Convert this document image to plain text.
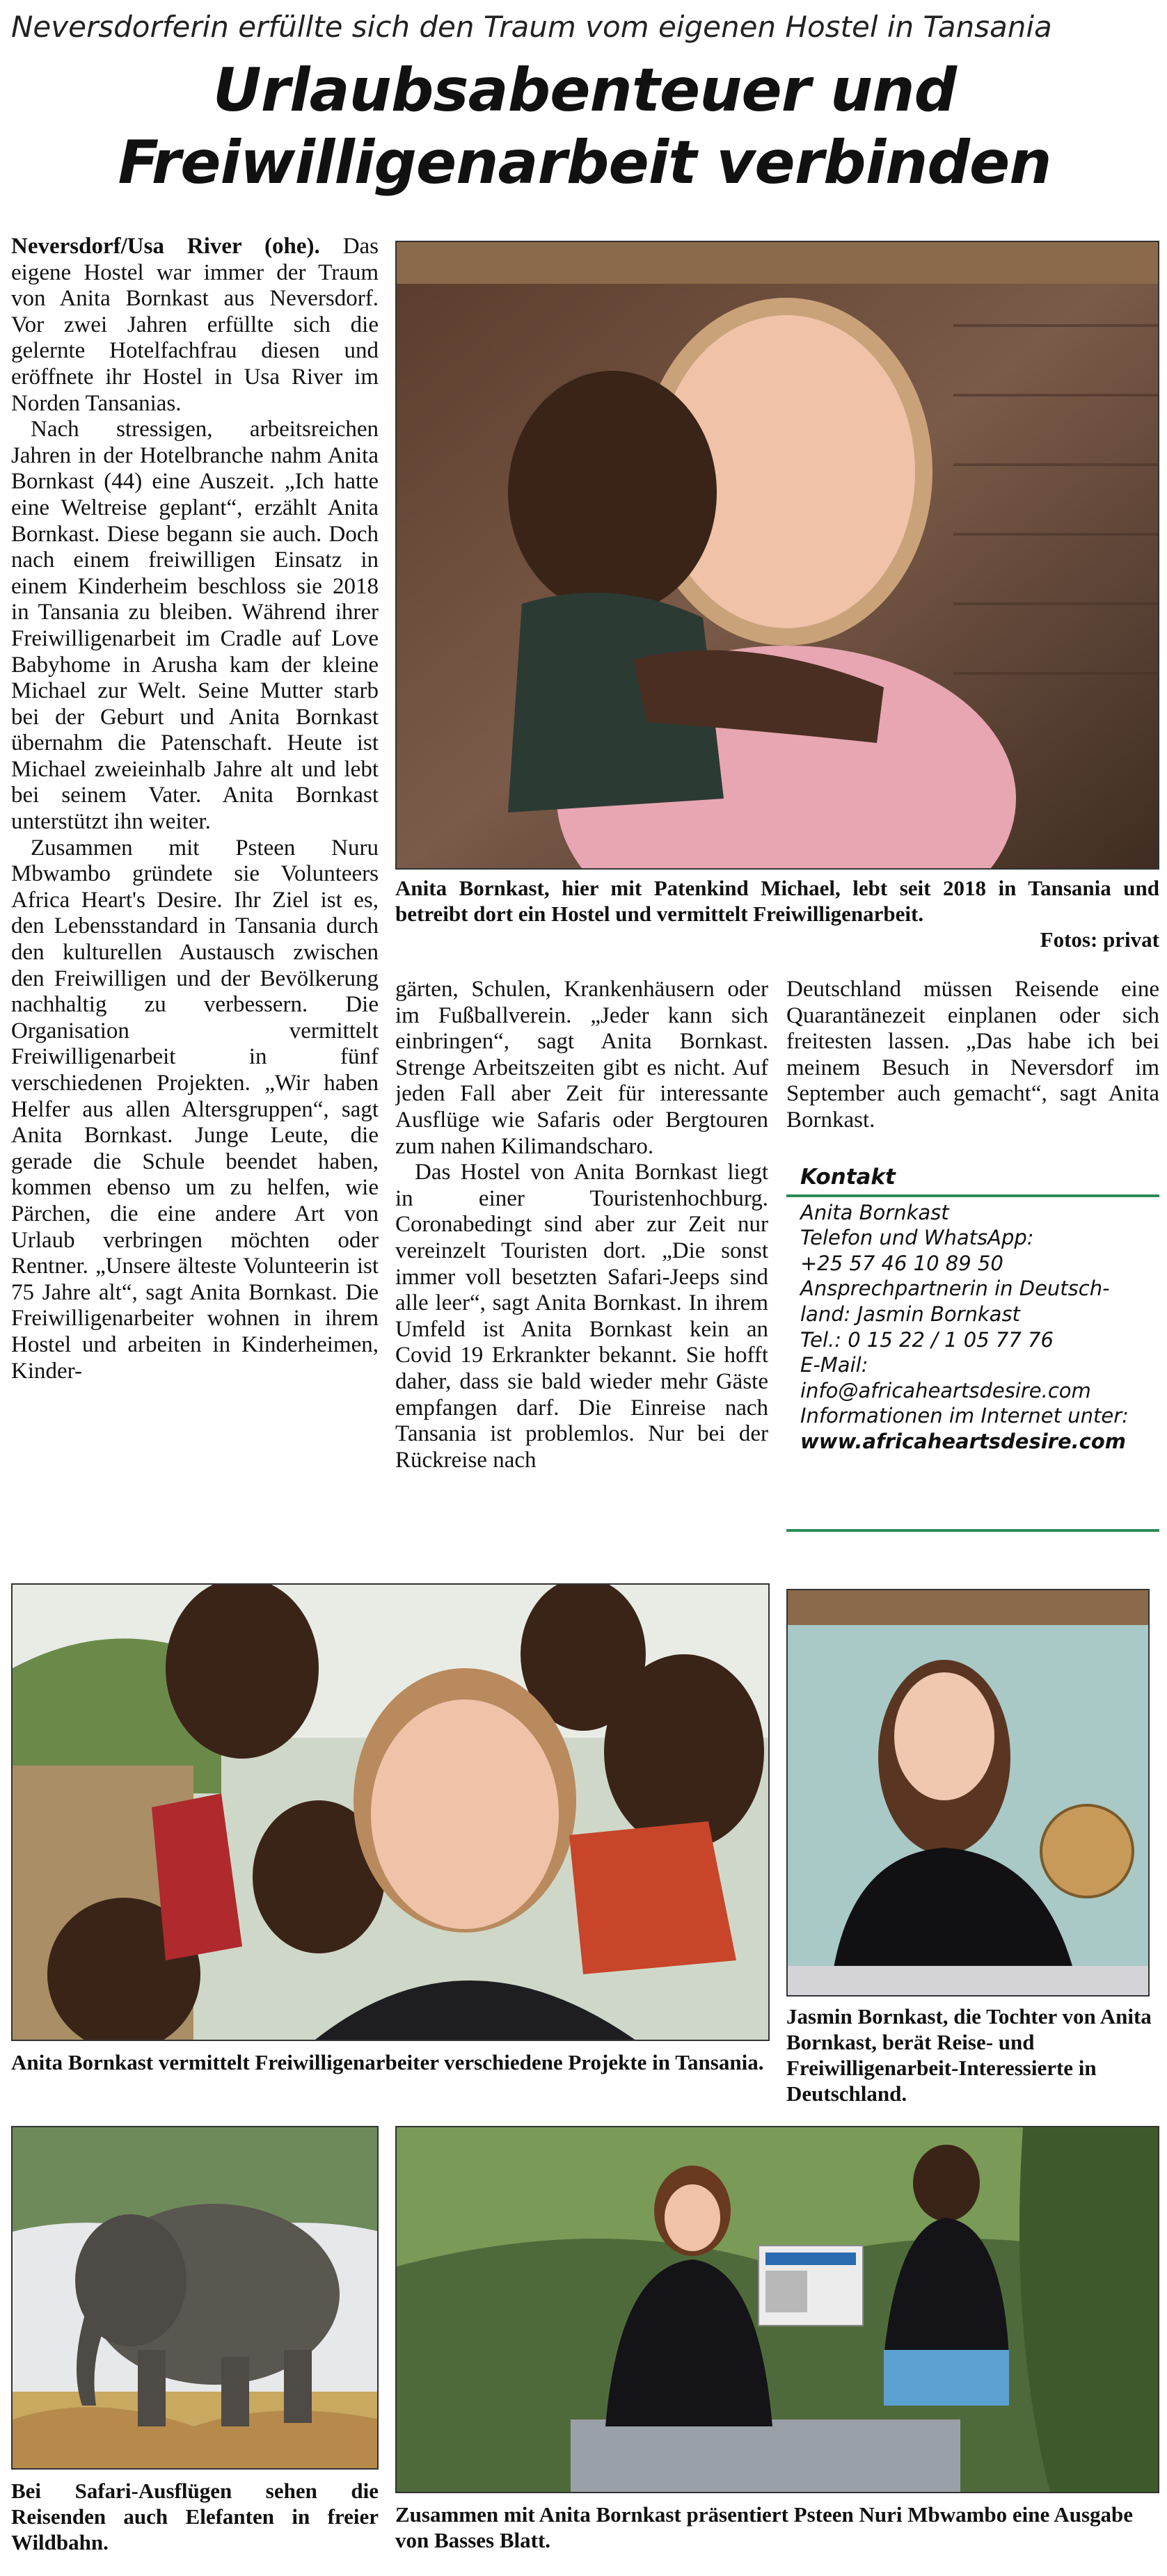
Neversdorferin erfüllte sich den Traum vom eigenen Hostel in Tansania
Urlaubsabenteuer und
Freiwilligenarbeit verbinden

Neversdorf/Usa River (ohe). Das eigene Hostel war immer der Traum von Anita Bornkast aus Neversdorf. Vor zwei Jahren erfüllte sich die gelernte Hotelfachfrau diesen und eröffnete ihr Hostel in Usa River im Norden Tansanias.

Nach stressigen, arbeitsreichen Jahren in der Hotelbranche nahm Anita Bornkast (44) eine Auszeit. „Ich hatte eine Weltreise geplant“, erzählt Anita Bornkast. Diese begann sie auch. Doch nach einem freiwilligen Einsatz in einem Kinderheim beschloss sie 2018 in Tansania zu bleiben. Während ihrer Freiwilligenarbeit im Cradle auf Love Babyhome in Arusha kam der kleine Michael zur Welt. Seine Mutter starb bei der Geburt und Anita Bornkast übernahm die Patenschaft. Heute ist Michael zweieinhalb Jahre alt und lebt bei seinem Vater. Anita Bornkast unterstützt ihn weiter.

Zusammen mit Psteen Nuru Mbwambo gründete sie Volunteers Africa Heart's Desire. Ihr Ziel ist es, den Lebensstandard in Tansania durch den kulturellen Austausch zwischen den Freiwilligen und der Bevölkerung nachhaltig zu verbessern. Die Organisation vermittelt Freiwilligenarbeit in fünf verschiedenen Projekten. „Wir haben Helfer aus allen Altersgruppen“, sagt Anita Bornkast. Junge Leute, die gerade die Schule beendet haben, kommen ebenso um zu helfen, wie Pärchen, die eine andere Art von Urlaub verbringen möchten oder Rentner. „Unsere älteste Volunteerin ist 75 Jahre alt“, sagt Anita Bornkast. Die Freiwilligenarbeiter wohnen in ihrem Hostel und arbeiten in Kinderheimen, Kinder-

Anita Bornkast, hier mit Patenkind Michael, lebt seit 2018 in Tansania und betreibt dort ein Hostel und vermittelt Freiwilligenarbeit.
Fotos: privat

gärten, Schulen, Krankenhäusern oder im Fußballverein. „Jeder kann sich einbringen“, sagt Anita Bornkast. Strenge Arbeitszeiten gibt es nicht. Auf jeden Fall aber Zeit für interessante Ausflüge wie Safaris oder Bergtouren zum nahen Kilimandscharo.

Das Hostel von Anita Bornkast liegt in einer Touristenhochburg. Coronabedingt sind aber zur Zeit nur vereinzelt Touristen dort. „Die sonst immer voll besetzten Safari-Jeeps sind alle leer“, sagt Anita Bornkast. In ihrem Umfeld ist Anita Bornkast kein an Covid 19 Erkrankter bekannt. Sie hofft daher, dass sie bald wieder mehr Gäste empfangen darf. Die Einreise nach Tansania ist problemlos. Nur bei der Rückreise nach

Deutschland müssen Reisende eine Quarantänezeit einplanen oder sich freitesten lassen. „Das habe ich bei meinem Besuch in Neversdorf im September auch gemacht“, sagt Anita Bornkast.

Kontakt
Anita Bornkast
Telefon und WhatsApp:
+25 57 46 10 89 50
Ansprechpartnerin in Deutsch-
land: Jasmin Bornkast
Tel.: 0 15 22 / 1 05 77 76
E-Mail:
info@africaheartsdesire.com
Informationen im Internet unter:
www.africaheartsdesire.com
Anita Bornkast vermittelt Freiwilligenarbeiter verschiedene Projekte in Tansania.
Jasmin Bornkast, die Tochter von Anita Bornkast, berät Reise- und Freiwilligenarbeit-Interessierte in Deutschland.
Bei Safari-Ausflügen sehen die Reisenden auch Elefanten in freier Wildbahn.
Zusammen mit Anita Bornkast präsentiert Psteen Nuri Mbwambo eine Ausgabe von Basses Blatt.
